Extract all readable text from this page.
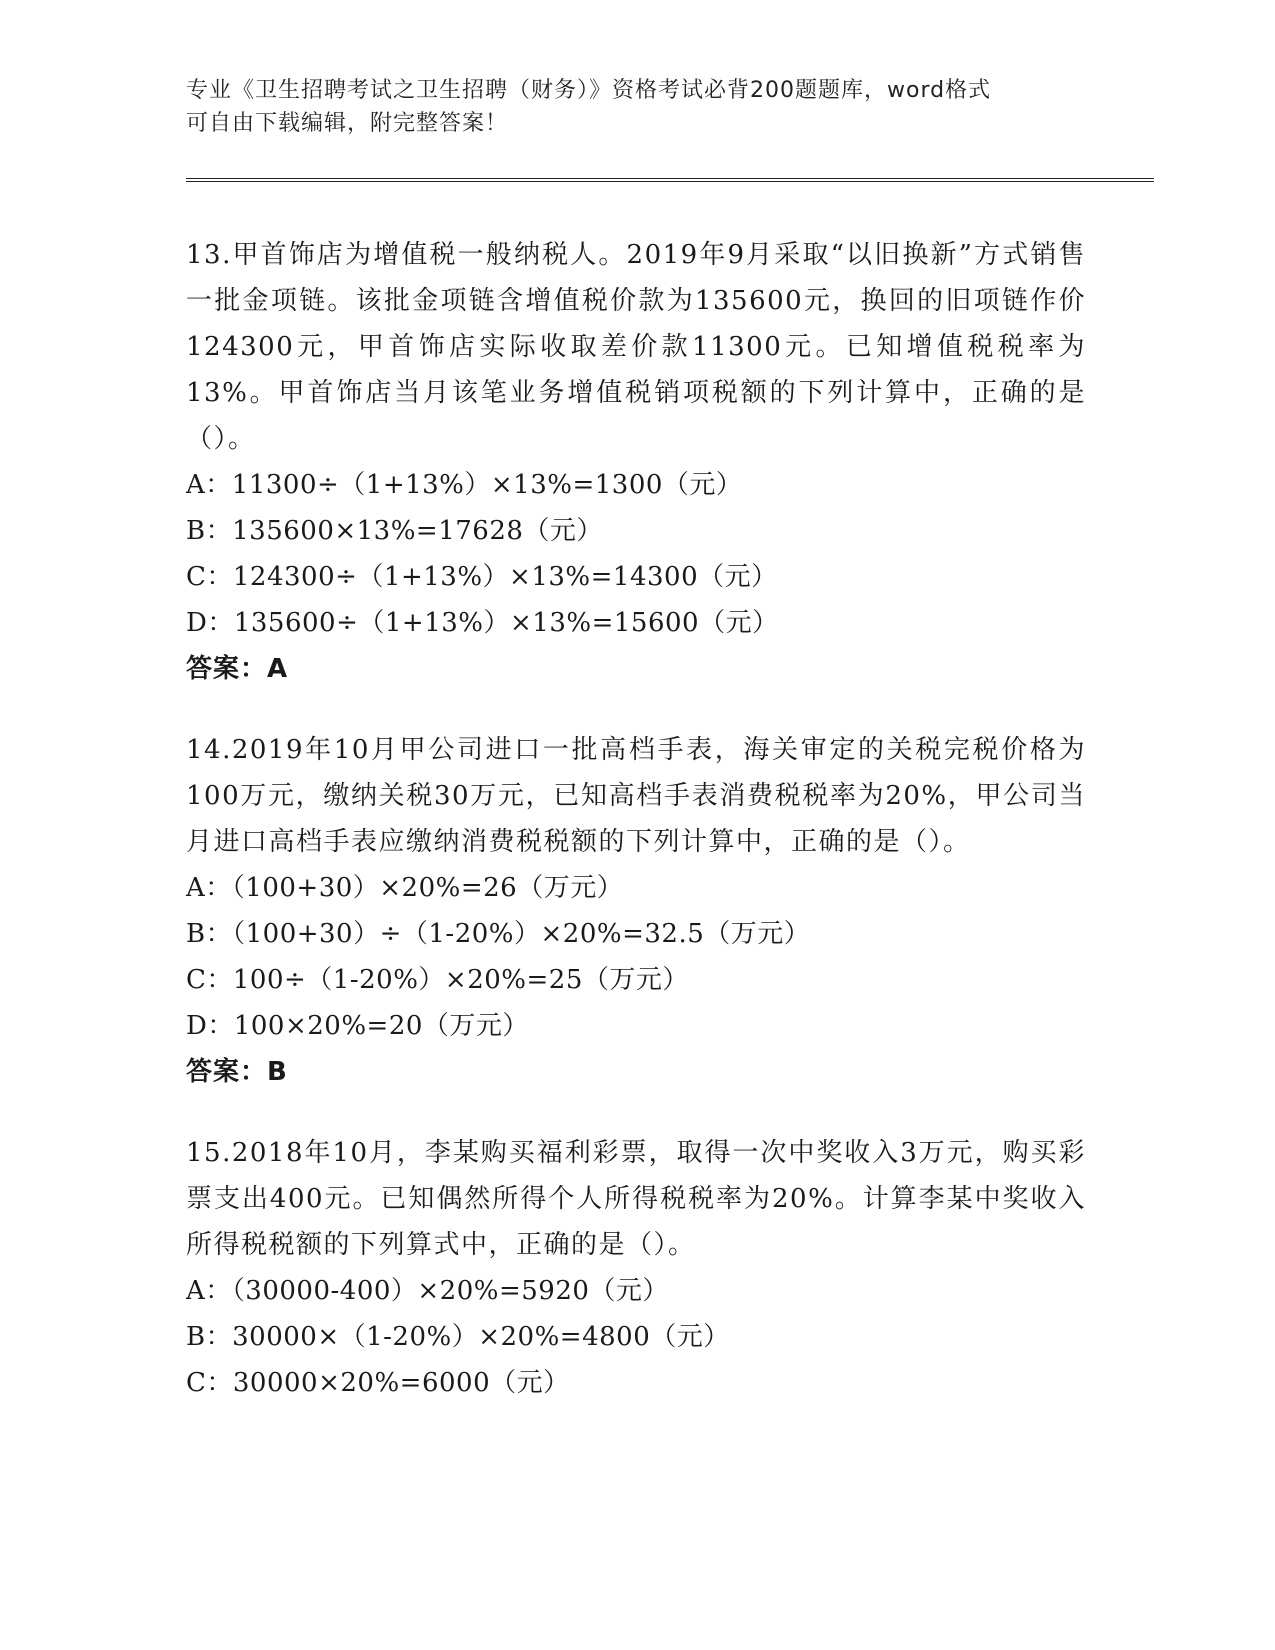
专业《卫生招聘考试之卫生招聘（财务）》资格考试必背200题题库，word格式
可自由下载编辑，附完整答案！
13.甲首饰店为增值税一般纳税人。2019年9月采取“以旧换新”方式销售一批金项链。该批金项链含增值税价款为135600元，换回的旧项链作价124300元，甲首饰店实际收取差价款11300元。已知增值税税率为13%。甲首饰店当月该笔业务增值税销项税额的下列计算中，正确的是（）。
A：11300÷（1+13%）×13%=1300（元）
B：135600×13%=17628（元）
C：124300÷（1+13%）×13%=14300（元）
D：135600÷（1+13%）×13%=15600（元）
答案：A
14.2019年10月甲公司进口一批高档手表，海关审定的关税完税价格为100万元，缴纳关税30万元，已知高档手表消费税税率为20%，甲公司当月进口高档手表应缴纳消费税税额的下列计算中，正确的是（）。
A：（100+30）×20%=26（万元）
B：（100+30）÷（1-20%）×20%=32.5（万元）
C：100÷（1-20%）×20%=25（万元）
D：100×20%=20（万元）
答案：B
15.2018年10月，李某购买福利彩票，取得一次中奖收入3万元，购买彩票支出400元。已知偶然所得个人所得税税率为20%。计算李某中奖收入所得税税额的下列算式中，正确的是（）。
A：（30000-400）×20%=5920（元）
B：30000×（1-20%）×20%=4800（元）
C：30000×20%=6000（元）
